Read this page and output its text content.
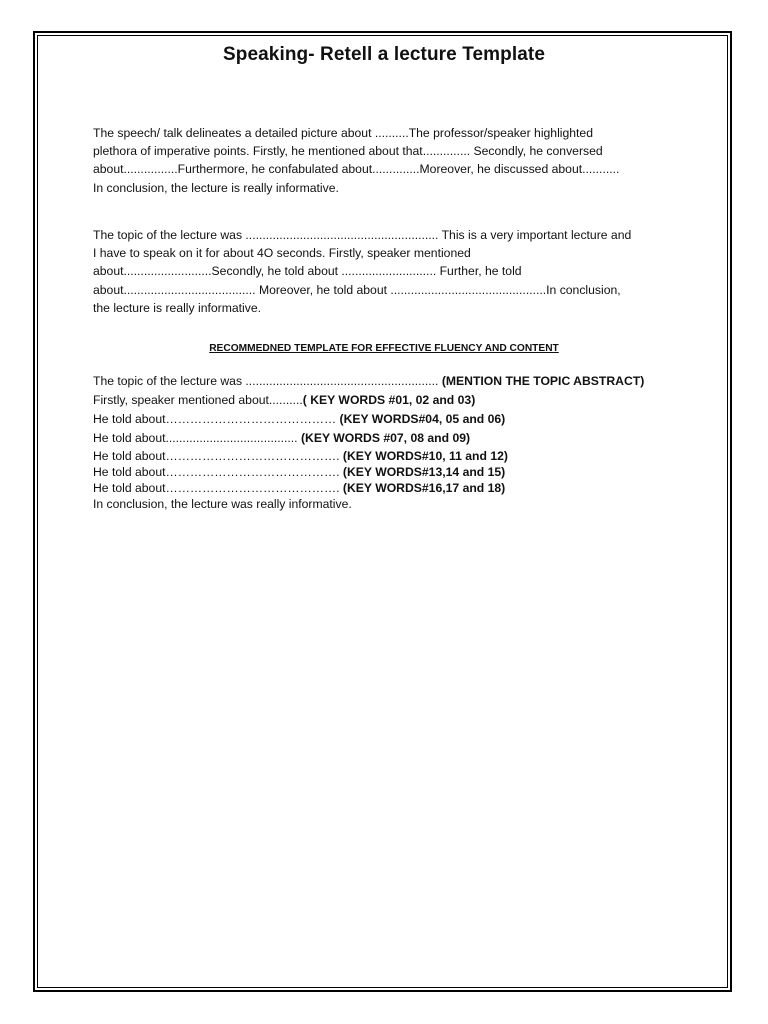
Speaking- Retell a lecture Template
The speech/ talk delineates a detailed picture about ..........The professor/speaker highlighted
plethora of imperative points. Firstly, he mentioned about that.............. Secondly, he conversed
about................Furthermore, he confabulated about..............Moreover, he discussed about...........
In conclusion, the lecture is really informative.
The topic of the lecture was ......................................................... This is a very important lecture and
I have to speak on it for about 4O seconds. Firstly, speaker mentioned
about..........................Secondly, he told about ............................ Further, he told
about....................................... Moreover, he told about ..............................................In conclusion,
the lecture is really informative.
RECOMMEDNED TEMPLATE FOR EFFECTIVE FLUENCY AND CONTENT
The topic of the lecture was ......................................................... (MENTION THE TOPIC ABSTRACT)
Firstly, speaker mentioned about..........( KEY WORDS #01, 02 and 03)
He told about…………………………………… (KEY WORDS#04, 05 and 06)
He told about....................................... (KEY WORDS #07, 08 and 09)
He told about……………………………………. (KEY WORDS#10, 11 and 12)
He told about……………………………………. (KEY WORDS#13,14 and 15)
He told about……………………………………. (KEY WORDS#16,17 and 18)
In conclusion, the lecture was really informative.
